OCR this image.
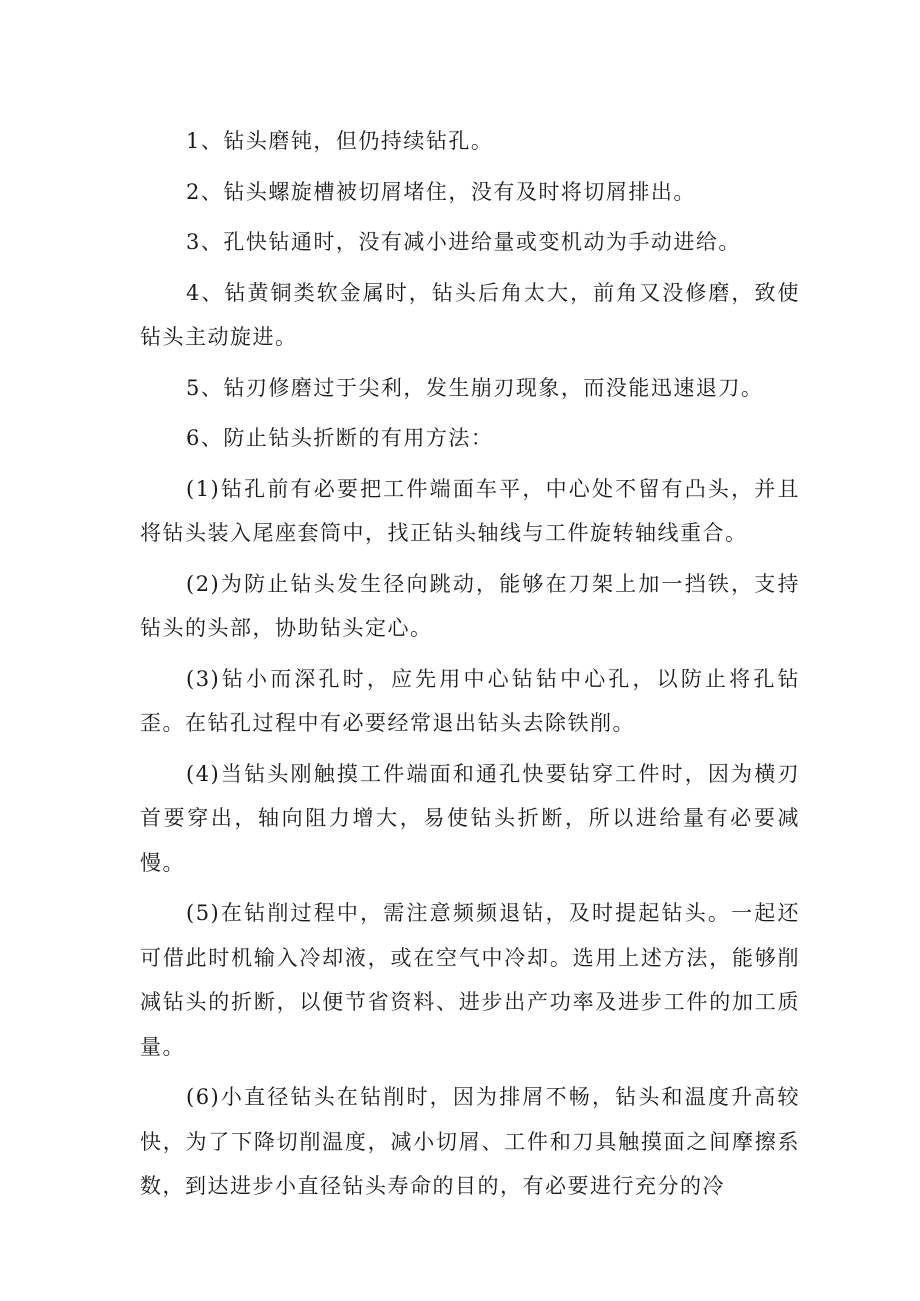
1、钻头磨钝，但仍持续钻孔。

2、钻头螺旋槽被切屑堵住，没有及时将切屑排出。

3、孔快钻通时，没有减小进给量或变机动为手动进给。

4、钻黄铜类软金属时，钻头后角太大，前角又没修磨，致使钻头主动旋进。

5、钻刃修磨过于尖利，发生崩刃现象，而没能迅速退刀。

6、防止钻头折断的有用方法：

(1)钻孔前有必要把工件端面车平，中心处不留有凸头，并且将钻头装入尾座套筒中，找正钻头轴线与工件旋转轴线重合。

(2)为防止钻头发生径向跳动，能够在刀架上加一挡铁，支持钻头的头部，协助钻头定心。

(3)钻小而深孔时，应先用中心钻钻中心孔，以防止将孔钻歪。在钻孔过程中有必要经常退出钻头去除铁削。

(4)当钻头刚触摸工件端面和通孔快要钻穿工件时，因为横刃首要穿出，轴向阻力增大，易使钻头折断，所以进给量有必要减慢。

(5)在钻削过程中，需注意频频退钻，及时提起钻头。一起还可借此时机输入冷却液，或在空气中冷却。选用上述方法，能够削减钻头的折断，以便节省资料、进步出产功率及进步工件的加工质量。

(6)小直径钻头在钻削时，因为排屑不畅，钻头和温度升高较快，为了下降切削温度，减小切屑、工件和刀具触摸面之间摩擦系数，到达进步小直径钻头寿命的目的，有必要进行充分的冷
